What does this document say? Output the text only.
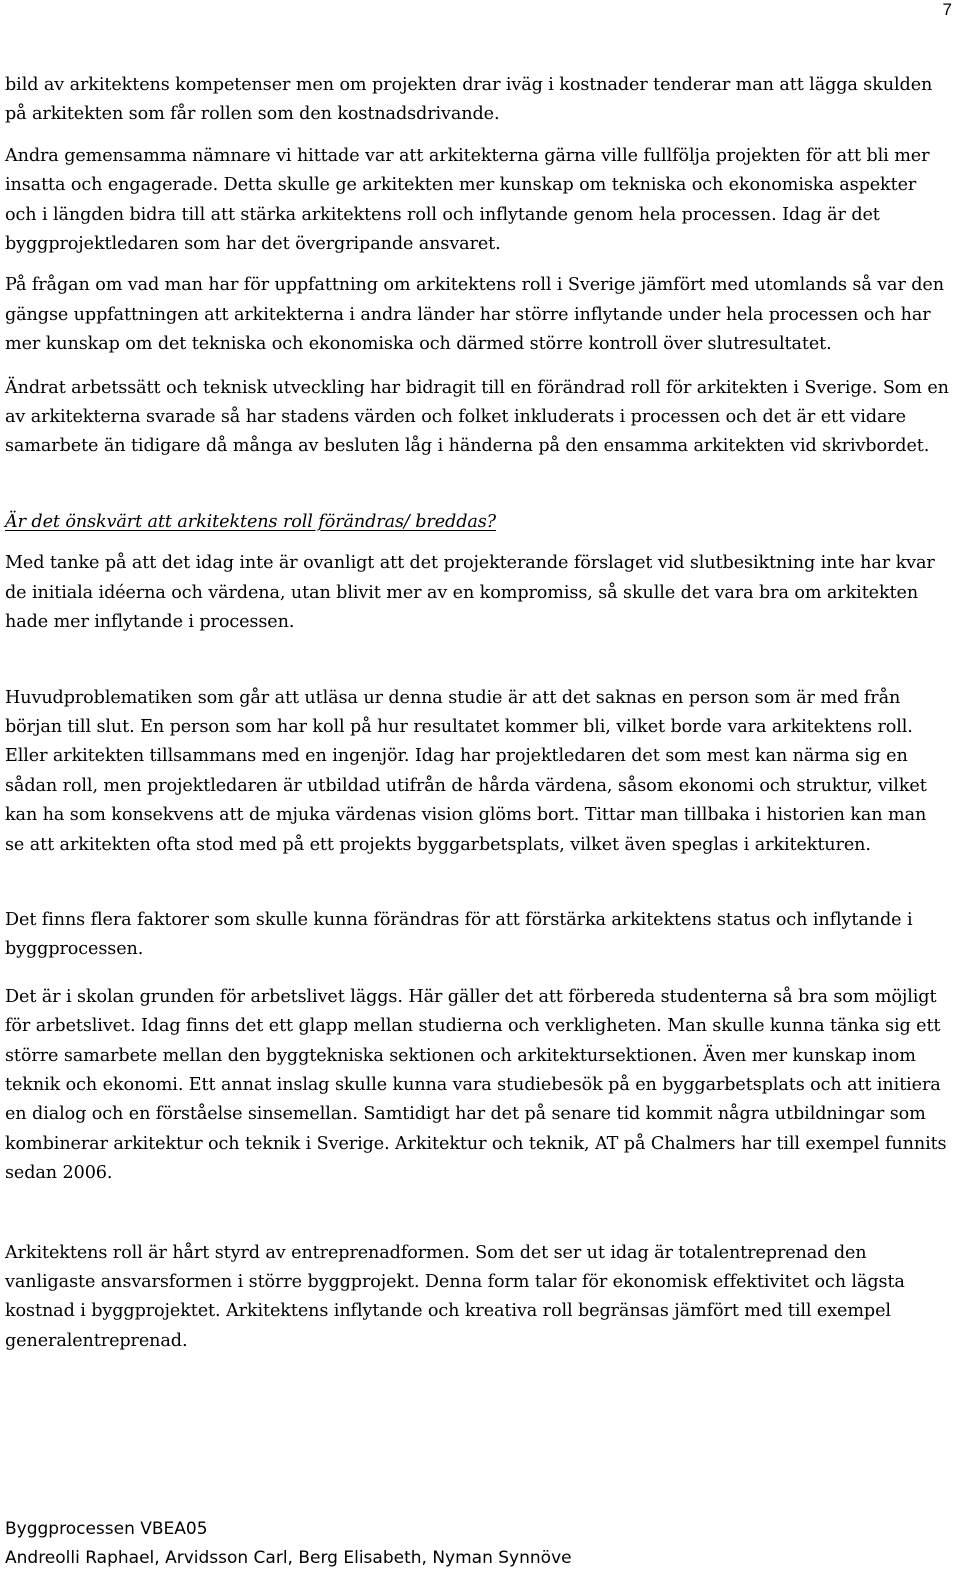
7

bild av arkitektens kompetenser men om projekten drar iväg i kostnader tenderar man att lägga skulden på arkitekten som får rollen som den kostnadsdrivande.

Andra gemensamma nämnare vi hittade var att arkitekterna gärna ville fullfölja projekten för att bli mer insatta och engagerade. Detta skulle ge arkitekten mer kunskap om tekniska och ekonomiska aspekter och i längden bidra till att stärka arkitektens roll och inflytande genom hela processen. Idag är det byggprojektledaren som har det övergripande ansvaret.

På frågan om vad man har för uppfattning om arkitektens roll i Sverige jämfört med utomlands så var den gängse uppfattningen att arkitekterna i andra länder har större inflytande under hela processen och har mer kunskap om det tekniska och ekonomiska och därmed större kontroll över slutresultatet.

Ändrat arbetssätt och teknisk utveckling har bidragit till en förändrad roll för arkitekten i Sverige. Som en av arkitekterna svarade så har stadens värden och folket inkluderats i processen och det är ett vidare samarbete än tidigare då många av besluten låg i händerna på den ensamma arkitekten vid skrivbordet.

Är det önskvärt att arkitektens roll förändras/ breddas?

Med tanke på att det idag inte är ovanligt att det projekterande förslaget vid slutbesiktning inte har kvar de initiala idéerna och värdena, utan blivit mer av en kompromiss, så skulle det vara bra om arkitekten hade mer inflytande i processen.

Huvudproblematiken som går att utläsa ur denna studie är att det saknas en person som är med från början till slut. En person som har koll på hur resultatet kommer bli, vilket borde vara arkitektens roll. Eller arkitekten tillsammans med en ingenjör. Idag har projektledaren det som mest kan närma sig en sådan roll, men projektledaren är utbildad utifrån de hårda värdena, såsom ekonomi och struktur, vilket kan ha som konsekvens att de mjuka värdenas vision glöms bort. Tittar man tillbaka i historien kan man se att arkitekten ofta stod med på ett projekts byggarbetsplats, vilket även speglas i arkitekturen.

Det finns flera faktorer som skulle kunna förändras för att förstärka arkitektens status och inflytande i byggprocessen.

Det är i skolan grunden för arbetslivet läggs. Här gäller det att förbereda studenterna så bra som möjligt för arbetslivet. Idag finns det ett glapp mellan studierna och verkligheten. Man skulle kunna tänka sig ett större samarbete mellan den byggtekniska sektionen och arkitektursektionen. Även mer kunskap inom teknik och ekonomi. Ett annat inslag skulle kunna vara studiebesök på en byggarbetsplats och att initiera en dialog och en förståelse sinsemellan. Samtidigt har det på senare tid kommit några utbildningar som kombinerar arkitektur och teknik i Sverige. Arkitektur och teknik, AT på Chalmers har till exempel funnits sedan 2006.

Arkitektens roll är hårt styrd av entreprenadformen. Som det ser ut idag är totalentreprenad den vanligaste ansvarsformen i större byggprojekt. Denna form talar för ekonomisk effektivitet och lägsta kostnad i byggprojektet. Arkitektens inflytande och kreativa roll begränsas jämfört med till exempel generalentreprenad.

Byggprocessen VBEA05
Andreolli Raphael, Arvidsson Carl, Berg Elisabeth, Nyman Synnöve
